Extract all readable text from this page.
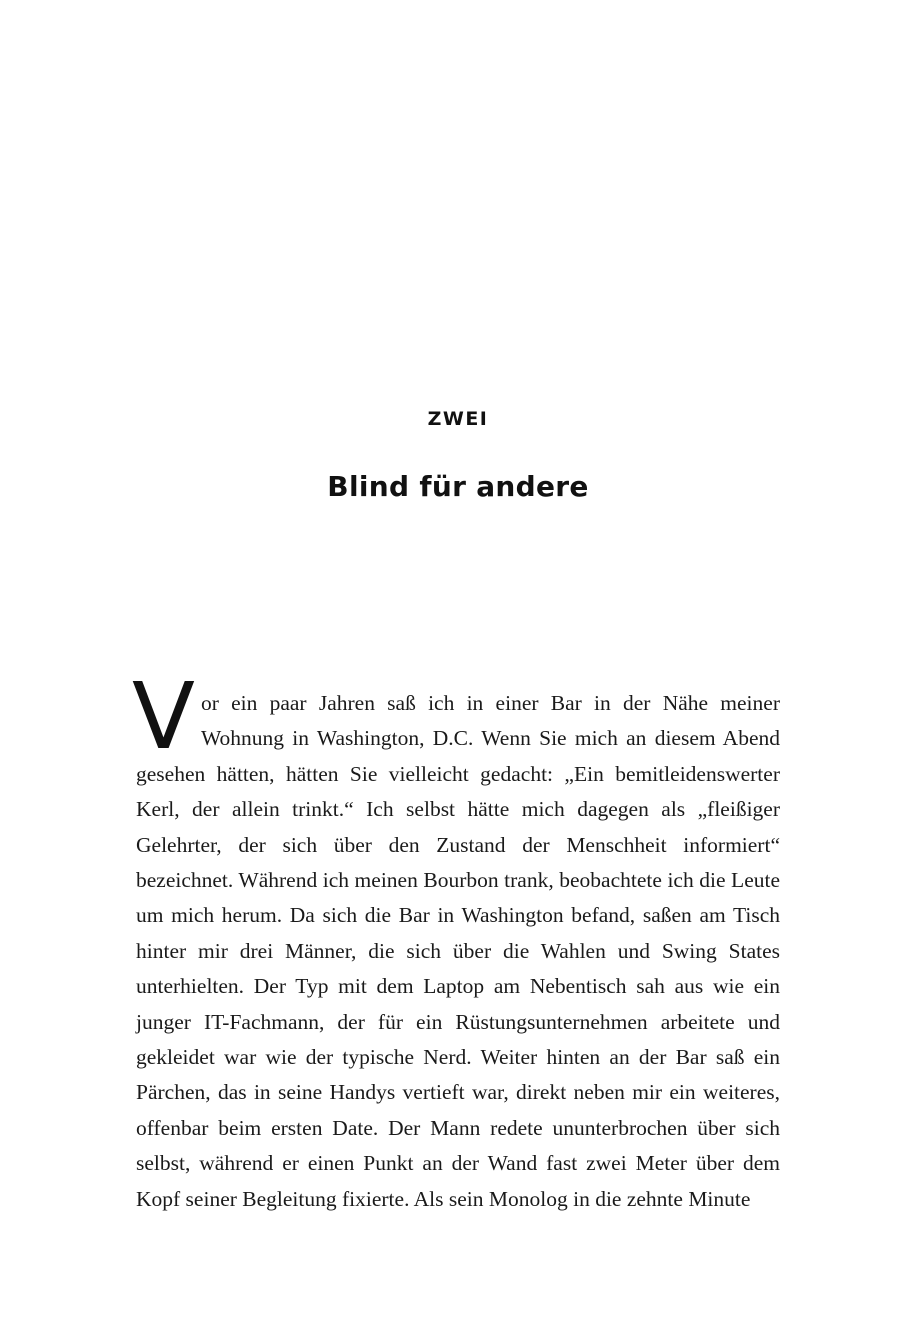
ZWEI
Blind für andere

Vor ein paar Jahren saß ich in einer Bar in der Nähe meiner Wohnung in Washington, D.C. Wenn Sie mich an diesem Abend gesehen hätten, hätten Sie vielleicht gedacht: „Ein bemitleidenswerter Kerl, der allein trinkt.“ Ich selbst hätte mich dagegen als „fleißiger Gelehrter, der sich über den Zustand der Menschheit informiert“ bezeichnet. Während ich meinen Bourbon trank, beobachtete ich die Leute um mich herum. Da sich die Bar in Washington befand, saßen am Tisch hinter mir drei Männer, die sich über die Wahlen und Swing States unterhielten. Der Typ mit dem Laptop am Nebentisch sah aus wie ein junger IT-Fachmann, der für ein Rüstungsunternehmen arbeitete und gekleidet war wie der typische Nerd. Weiter hinten an der Bar saß ein Pärchen, das in seine Handys vertieft war, direkt neben mir ein weiteres, offenbar beim ersten Date. Der Mann redete ununterbrochen über sich selbst, während er einen Punkt an der Wand fast zwei Meter über dem Kopf seiner Begleitung fixierte. Als sein Monolog in die zehnte Minute
